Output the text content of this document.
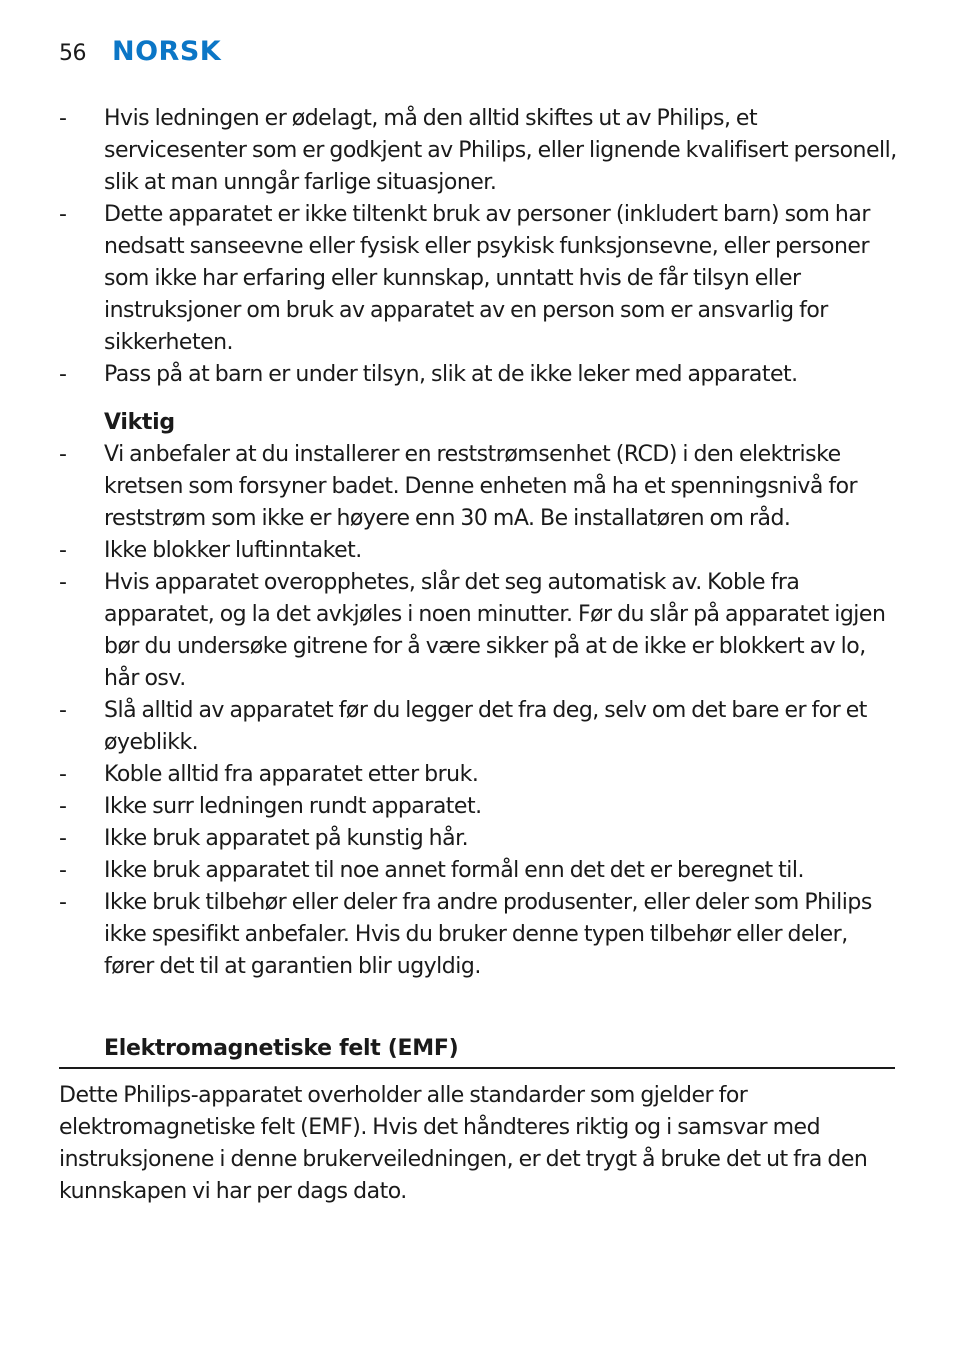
56 NORSK
- Hvis ledningen er ødelagt, må den alltid skiftes ut av Philips, et servicesenter som er godkjent av Philips, eller lignende kvalifisert personell, slik at man unngår farlige situasjoner.
- Dette apparatet er ikke tiltenkt bruk av personer (inkludert barn) som har nedsatt sanseevne eller fysisk eller psykisk funksjonsevne, eller personer som ikke har erfaring eller kunnskap, unntatt hvis de får tilsyn eller instruksjoner om bruk av apparatet av en person som er ansvarlig for sikkerheten.
- Pass på at barn er under tilsyn, slik at de ikke leker med apparatet.
Viktig
- Vi anbefaler at du installerer en reststrømsenhet (RCD) i den elektriske kretsen som forsyner badet. Denne enheten må ha et spenningsnivå for reststrøm som ikke er høyere enn 30 mA. Be installatøren om råd.
- Ikke blokker luftinntaket.
- Hvis apparatet overopphetes, slår det seg automatisk av. Koble fra apparatet, og la det avkjøles i noen minutter. Før du slår på apparatet igjen bør du undersøke gitrene for å være sikker på at de ikke er blokkert av lo, hår osv.
- Slå alltid av apparatet før du legger det fra deg, selv om det bare er for et øyeblikk.
- Koble alltid fra apparatet etter bruk.
- Ikke surr ledningen rundt apparatet.
- Ikke bruk apparatet på kunstig hår.
- Ikke bruk apparatet til noe annet formål enn det det er beregnet til.
- Ikke bruk tilbehør eller deler fra andre produsenter, eller deler som Philips ikke spesifikt anbefaler. Hvis du bruker denne typen tilbehør eller deler, fører det til at garantien blir ugyldig.
Elektromagnetiske felt (EMF)

Dette Philips-apparatet overholder alle standarder som gjelder for elektromagnetiske felt (EMF). Hvis det håndteres riktig og i samsvar med instruksjonene i denne brukerveiledningen, er det trygt å bruke det ut fra den kunnskapen vi har per dags dato.
